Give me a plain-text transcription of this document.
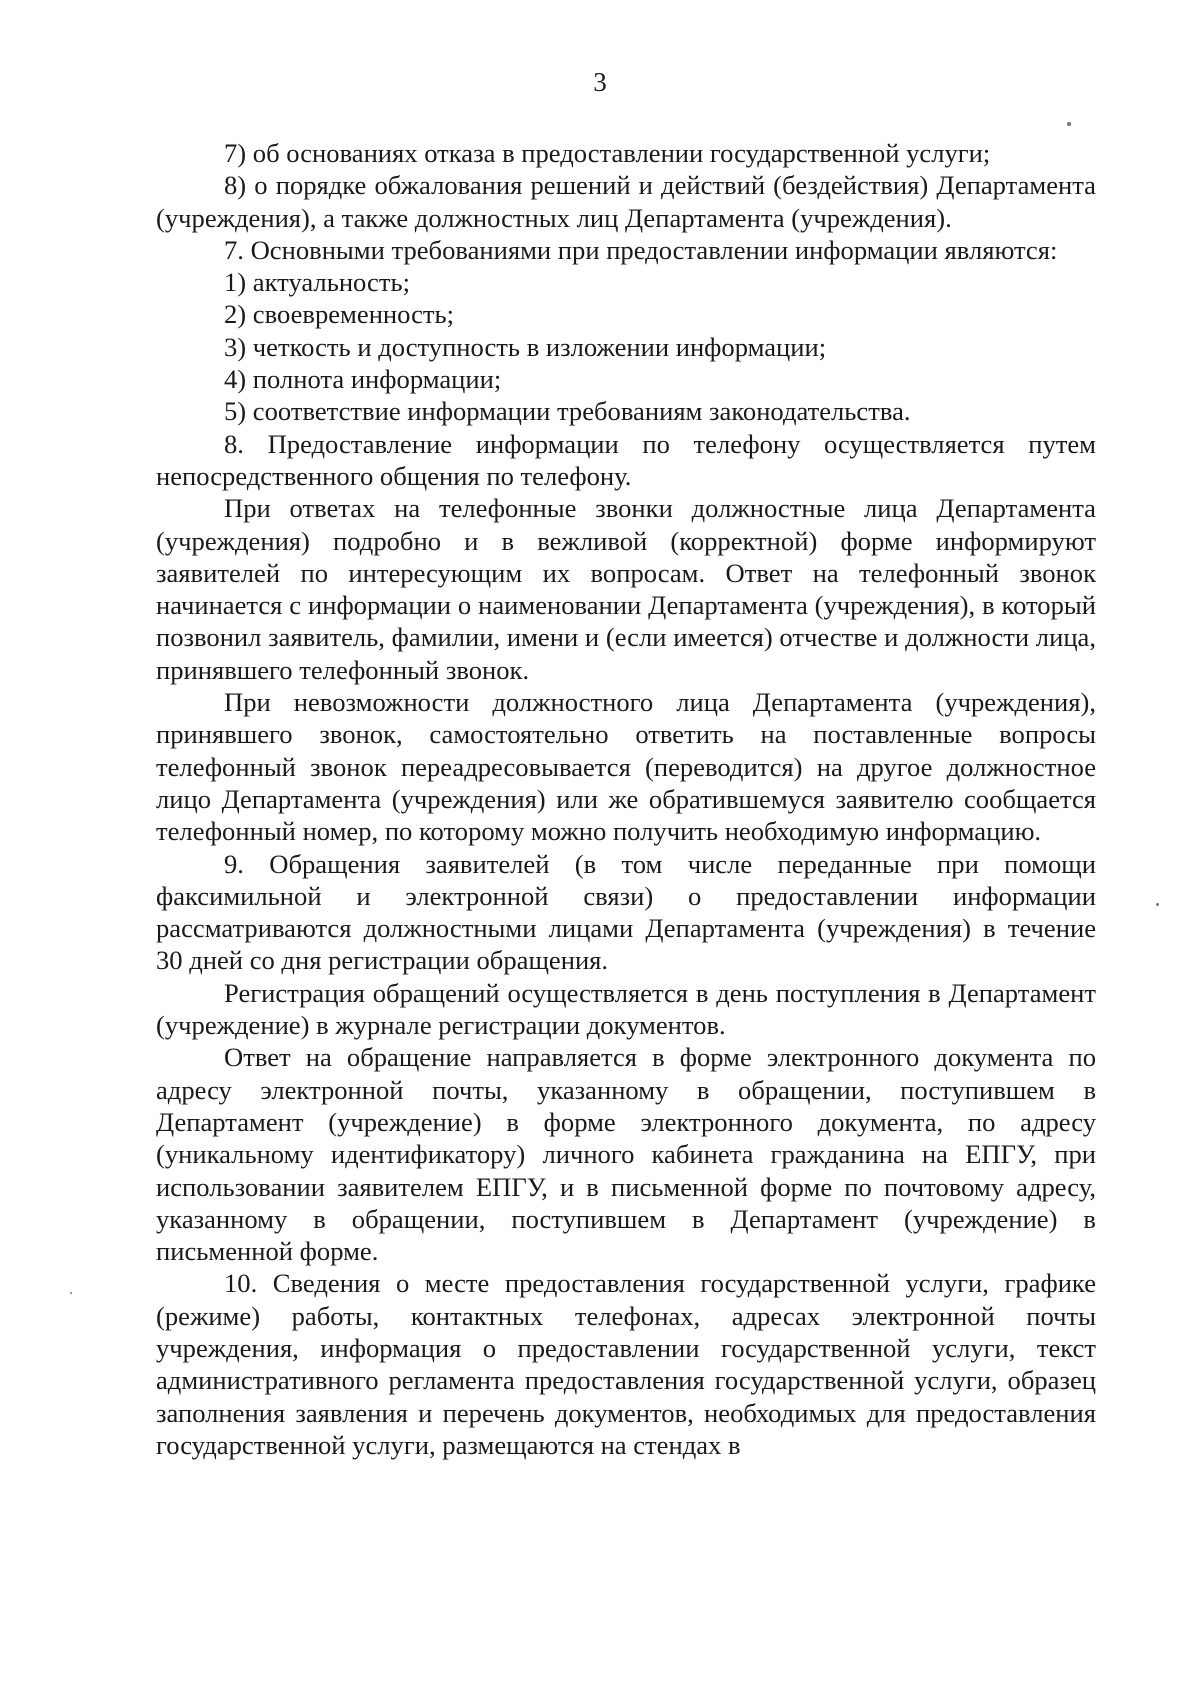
3

7) об основаниях отказа в предоставлении государственной услуги;

8) о порядке обжалования решений и действий (бездействия) Департамента (учреждения), а также должностных лиц Департамента (учреждения).

7. Основными требованиями при предоставлении информации являются:

1) актуальность;

2) своевременность;

3) четкость и доступность в изложении информации;

4) полнота информации;

5) соответствие информации требованиям законодательства.

8. Предоставление информации по телефону осуществляется путем непосредственного общения по телефону.

При ответах на телефонные звонки должностные лица Департамента (учреждения) подробно и в вежливой (корректной) форме информируют заявителей по интересующим их вопросам. Ответ на телефонный звонок начинается с информации о наименовании Департамента (учреждения), в который позвонил заявитель, фамилии, имени и (если имеется) отчестве и должности лица, принявшего телефонный звонок.

При невозможности должностного лица Департамента (учреждения), принявшего звонок, самостоятельно ответить на поставленные вопросы телефонный звонок переадресовывается (переводится) на другое должностное лицо Департамента (учреждения) или же обратившемуся заявителю сообщается телефонный номер, по которому можно получить необходимую информацию.

9. Обращения заявителей (в том числе переданные при помощи факсимильной и электронной связи) о предоставлении информации рассматриваются должностными лицами Департамента (учреждения) в течение 30 дней со дня регистрации обращения.

Регистрация обращений осуществляется в день поступления в Департамент (учреждение) в журнале регистрации документов.

Ответ на обращение направляется в форме электронного документа по адресу электронной почты, указанному в обращении, поступившем в Департамент (учреждение) в форме электронного документа, по адресу (уникальному идентификатору) личного кабинета гражданина на ЕПГУ, при использовании заявителем ЕПГУ, и в письменной форме по почтовому адресу, указанному в обращении, поступившем в Департамент (учреждение) в письменной форме.

10. Сведения о месте предоставления государственной услуги, графике (режиме) работы, контактных телефонах, адресах электронной почты учреждения, информация о предоставлении государственной услуги, текст административного регламента предоставления государственной услуги, образец заполнения заявления и перечень документов, необходимых для предоставления государственной услуги, размещаются на стендах в
